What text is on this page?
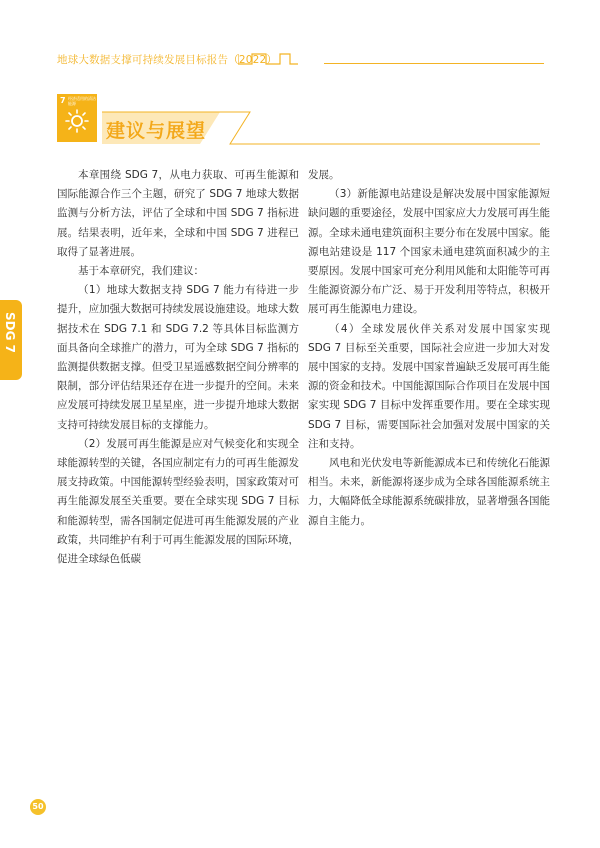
地球大数据支撑可持续发展目标报告（2022）
7 经济适用的清洁能源
建议与展望

本章围绕 SDG 7，从电力获取、可再生能源和国际能源合作三个主题，研究了 SDG 7 地球大数据监测与分析方法，评估了全球和中国 SDG 7 指标进展。结果表明，近年来，全球和中国 SDG 7 进程已取得了显著进展。

基于本章研究，我们建议：

（1）地球大数据支持 SDG 7 能力有待进一步提升，应加强大数据可持续发展设施建设。地球大数据技术在 SDG 7.1 和 SDG 7.2 等具体目标监测方面具备向全球推广的潜力，可为全球 SDG 7 指标的监测提供数据支撑。但受卫星遥感数据空间分辨率的限制，部分评估结果还存在进一步提升的空间。未来应发展可持续发展卫星星座，进一步提升地球大数据支持可持续发展目标的支撑能力。

（2）发展可再生能源是应对气候变化和实现全球能源转型的关键，各国应制定有力的可再生能源发展支持政策。中国能源转型经验表明，国家政策对可再生能源发展至关重要。要在全球实现 SDG 7 目标和能源转型，需各国制定促进可再生能源发展的产业政策，共同维护有利于可再生能源发展的国际环境，促进全球绿色低碳

发展。

（3）新能源电站建设是解决发展中国家能源短缺问题的重要途径，发展中国家应大力发展可再生能源。全球未通电建筑面积主要分布在发展中国家。能源电站建设是 117 个国家未通电建筑面积减少的主要原因。发展中国家可充分利用风能和太阳能等可再生能源资源分布广泛、易于开发利用等特点，积极开展可再生能源电力建设。

（4）全球发展伙伴关系对发展中国家实现 SDG 7 目标至关重要，国际社会应进一步加大对发展中国家的支持。发展中国家普遍缺乏发展可再生能源的资金和技术。中国能源国际合作项目在发展中国家实现 SDG 7 目标中发挥重要作用。要在全球实现 SDG 7 目标，需要国际社会加强对发展中国家的关注和支持。

风电和光伏发电等新能源成本已和传统化石能源相当。未来，新能源将逐步成为全球各国能源系统主力，大幅降低全球能源系统碳排放，显著增强各国能源自主能力。

SDG 7
50
